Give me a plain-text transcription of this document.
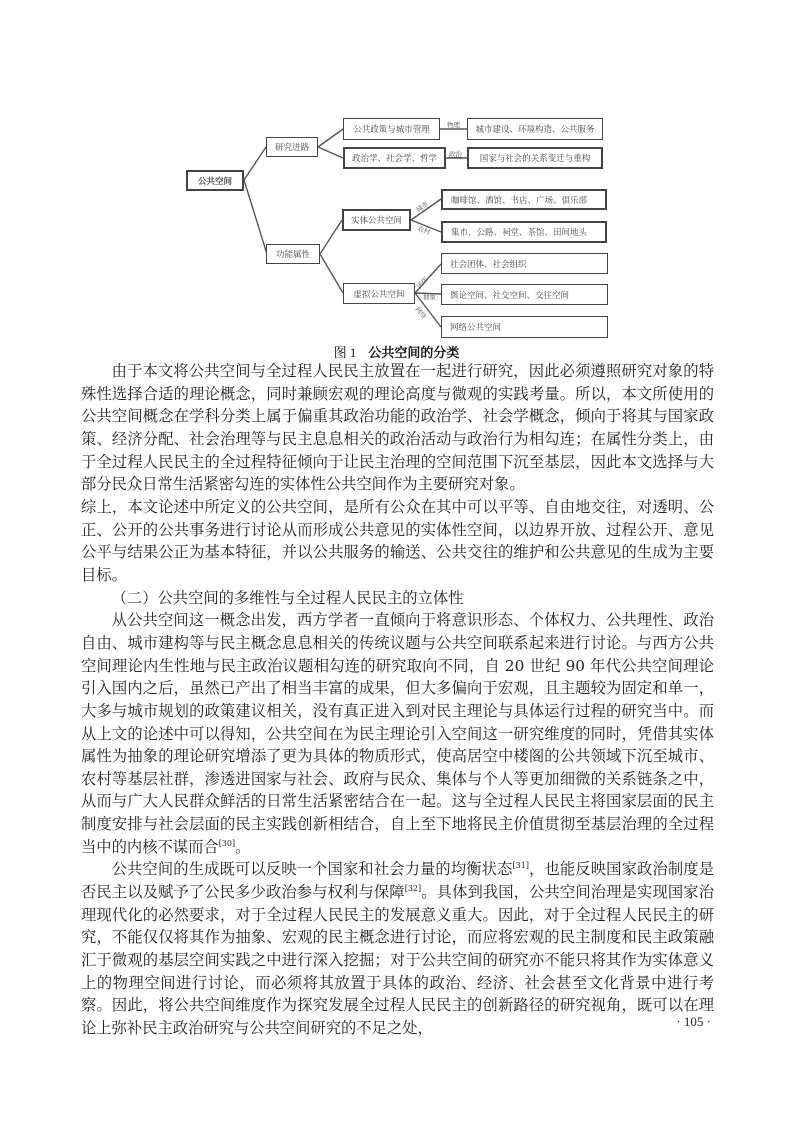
公共空间
研究进路
公共政策与城市管理
政治学、社会学、哲学
城市建设、环境构造、公共服务
国家与社会的关系变迁与重构
物理
政治
功能属性
实体公共空间
虚拟公共空间
咖啡馆、酒馆、书店、广场、俱乐部
集市、公路、祠堂、茶馆、田间地头
社会团体、社会组织
舆论空间、社交空间、交往空间
网络公共空间
城市
农村
团体
抽象
网络
图 1 公共空间的分类

由于本文将公共空间与全过程人民民主放置在一起进行研究，因此必须遵照研究对象的特殊性选择合适的理论概念，同时兼顾宏观的理论高度与微观的实践考量。所以，本文所使用的公共空间概念在学科分类上属于偏重其政治功能的政治学、社会学概念，倾向于将其与国家政策、经济分配、社会治理等与民主息息相关的政治活动与政治行为相勾连；在属性分类上，由于全过程人民民主的全过程特征倾向于让民主治理的空间范围下沉至基层，因此本文选择与大部分民众日常生活紧密勾连的实体性公共空间作为主要研究对象。

综上，本文论述中所定义的公共空间，是所有公众在其中可以平等、自由地交往，对透明、公正、公开的公共事务进行讨论从而形成公共意见的实体性空间，以边界开放、过程公开、意见公平与结果公正为基本特征，并以公共服务的输送、公共交往的维护和公共意见的生成为主要目标。

（二）公共空间的多维性与全过程人民民主的立体性

从公共空间这一概念出发，西方学者一直倾向于将意识形态、个体权力、公共理性、政治自由、城市建构等与民主概念息息相关的传统议题与公共空间联系起来进行讨论。与西方公共空间理论内生性地与民主政治议题相勾连的研究取向不同，自 20 世纪 90 年代公共空间理论引入国内之后，虽然已产出了相当丰富的成果，但大多偏向于宏观，且主题较为固定和单一，大多与城市规划的政策建议相关，没有真正进入到对民主理论与具体运行过程的研究当中。而从上文的论述中可以得知，公共空间在为民主理论引入空间这一研究维度的同时，凭借其实体属性为抽象的理论研究增添了更为具体的物质形式，使高居空中楼阁的公共领域下沉至城市、农村等基层社群，渗透进国家与社会、政府与民众、集体与个人等更加细微的关系链条之中，从而与广大人民群众鲜活的日常生活紧密结合在一起。这与全过程人民民主将国家层面的民主制度安排与社会层面的民主实践创新相结合，自上至下地将民主价值贯彻至基层治理的全过程当中的内核不谋而合[30]。

公共空间的生成既可以反映一个国家和社会力量的均衡状态[31]，也能反映国家政治制度是否民主以及赋予了公民多少政治参与权利与保障[32]。具体到我国，公共空间治理是实现国家治理现代化的必然要求，对于全过程人民民主的发展意义重大。因此，对于全过程人民民主的研究，不能仅仅将其作为抽象、宏观的民主概念进行讨论，而应将宏观的民主制度和民主政策融汇于微观的基层空间实践之中进行深入挖掘；对于公共空间的研究亦不能只将其作为实体意义上的物理空间进行讨论，而必须将其放置于具体的政治、经济、社会甚至文化背景中进行考察。因此，将公共空间维度作为探究发展全过程人民民主的创新路径的研究视角，既可以在理论上弥补民主政治研究与公共空间研究的不足之处，	· 105 ·
